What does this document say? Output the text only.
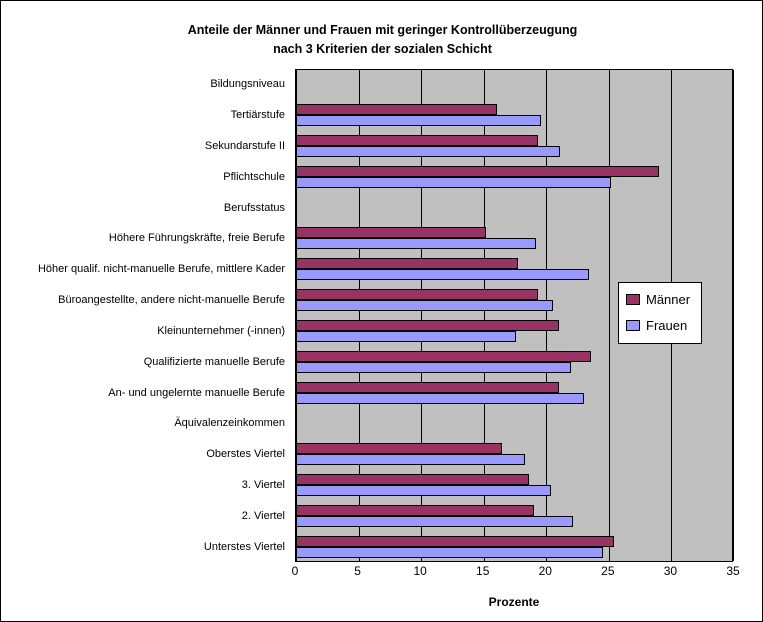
Anteile der Männer und Frauen mit geringer Kontrollüberzeugung
nach 3 Kriterien der sozialen Schicht
Bildungsniveau
Tertiärstufe
Sekundarstufe II
Pflichtschule
Berufsstatus
Höhere Führungskräfte, freie Berufe
Höher qualif. nicht-manuelle Berufe, mittlere Kader
Büroangestellte, andere nicht-manuelle Berufe
Kleinunternehmer (-innen)
Qualifizierte manuelle Berufe
An- und ungelernte manuelle Berufe
Äquivalenzeinkommen
Oberstes Viertel
3. Viertel
2. Viertel
Unterstes Viertel
0	5	10	15	20	25	30	35
Prozente
Männer
Frauen
